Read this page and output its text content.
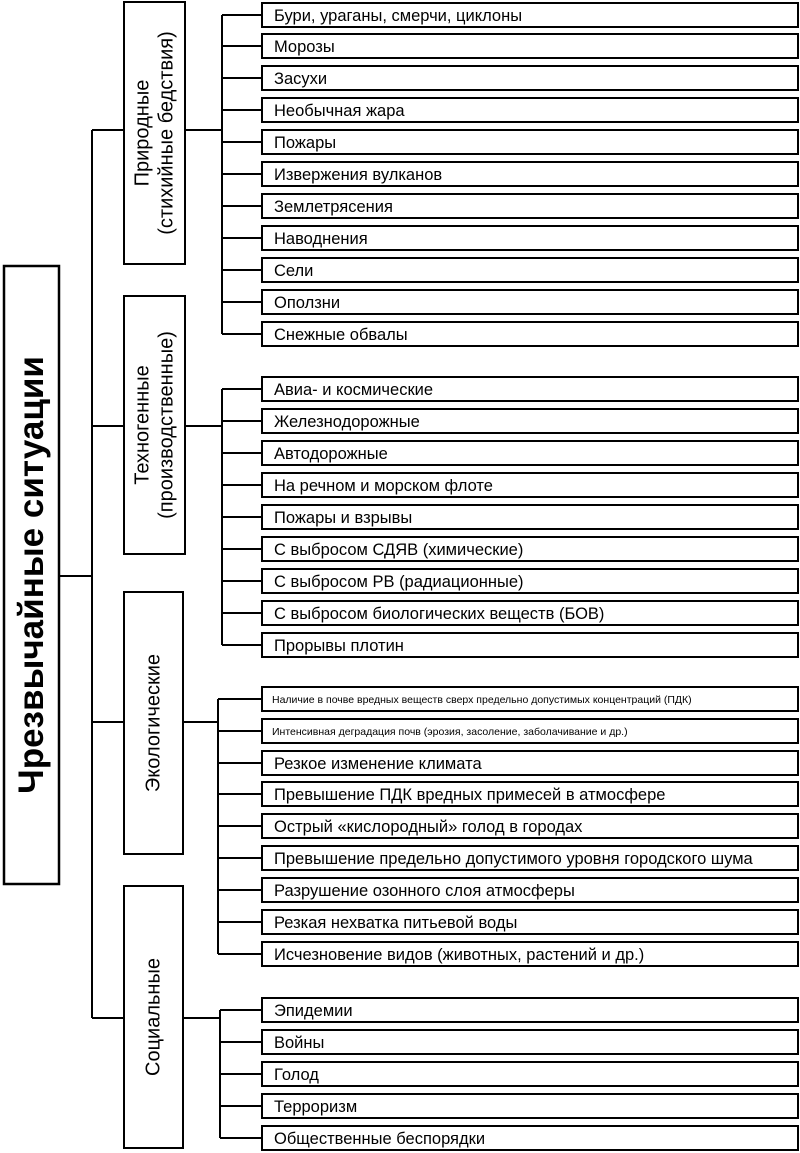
Чрезвычайные ситуации
Природные (стихийные бедствия)
Бури, ураганы, смерчи, циклоны
Морозы
Засухи
Необычная жара
Пожары
Извержения вулканов
Землетрясения
Наводнения
Сели
Оползни
Снежные обвалы
Техногенные (производственные)	Авиа- и космические
Железнодорожные
Автодорожные
На речном и морском флоте
Пожары и взрывы
С выбросом СДЯВ (химические)
С выбросом РВ (радиационные)
С выбросом биологических веществ (БОВ)
Прорывы плотин
Экологические	Наличие в почве вредных веществ сверх предельно допустимых концентраций (ПДК)
Интенсивная деградация почв (эрозия, засоление, заболачивание и др.)
Резкое изменение климата
Превышение ПДК вредных примесей в атмосфере
Острый «кислородный» голод в городах
Превышение предельно допустимого уровня городского шума
Разрушение озонного слоя атмосферы
Резкая нехватка питьевой воды
Исчезновение видов (животных, растений и др.)
Социальные	Эпидемии
Войны
Голод
Терроризм
Общественные беспорядки
